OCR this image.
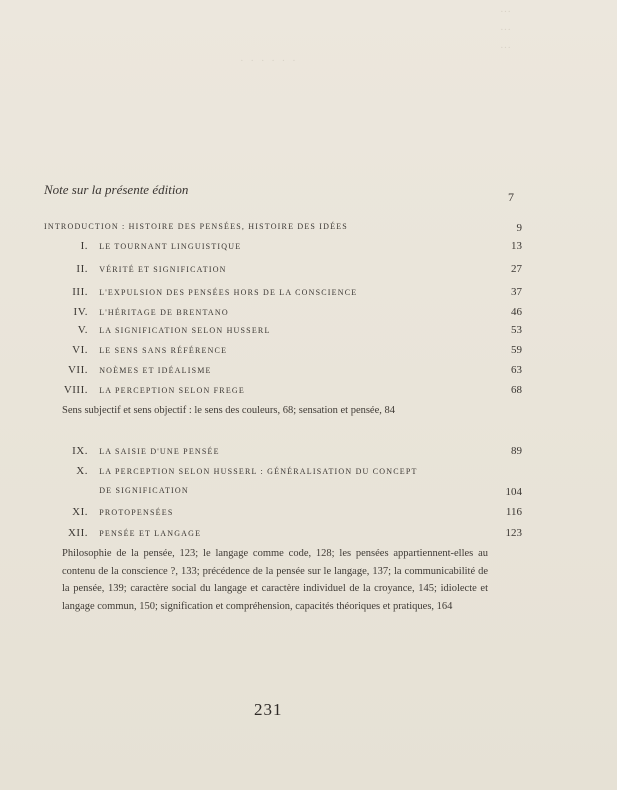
···
···
···
· · · · · ·
Note sur la présente édition	7
INTRODUCTION : HISTOIRE DES PENSÉES, HISTOIRE DES IDÉES	9
I. LE TOURNANT LINGUISTIQUE	13
II. VÉRITÉ ET SIGNIFICATION	27
III. L'EXPULSION DES PENSÉES HORS DE LA CONSCIENCE	37
IV. L'HÉRITAGE DE BRENTANO	46
V. LA SIGNIFICATION SELON HUSSERL	53
VI. LE SENS SANS RÉFÉRENCE	59
VII. NOÈMES ET IDÉALISME	63
VIII. LA PERCEPTION SELON FREGE	68
Sens subjectif et sens objectif : le sens des couleurs, 68; sensation et pensée, 84
IX. LA SAISIE D'UNE PENSÉE	89
X. LA PERCEPTION SELON HUSSERL : GÉNÉRALISATION DU CONCEPT
DE SIGNIFICATION	104
XI. PROTOPENSÉES	116
XII. PENSÉE ET LANGAGE	123
Philosophie de la pensée, 123; le langage comme code, 128; les pensées appartiennent-elles au contenu de la conscience ?, 133; précédence de la pensée sur le langage, 137; la communicabilité de la pensée, 139; caractère social du langage et caractère individuel de la croyance, 145; idiolecte et langage commun, 150; signification et compréhension, capacités théoriques et pratiques, 164
231
